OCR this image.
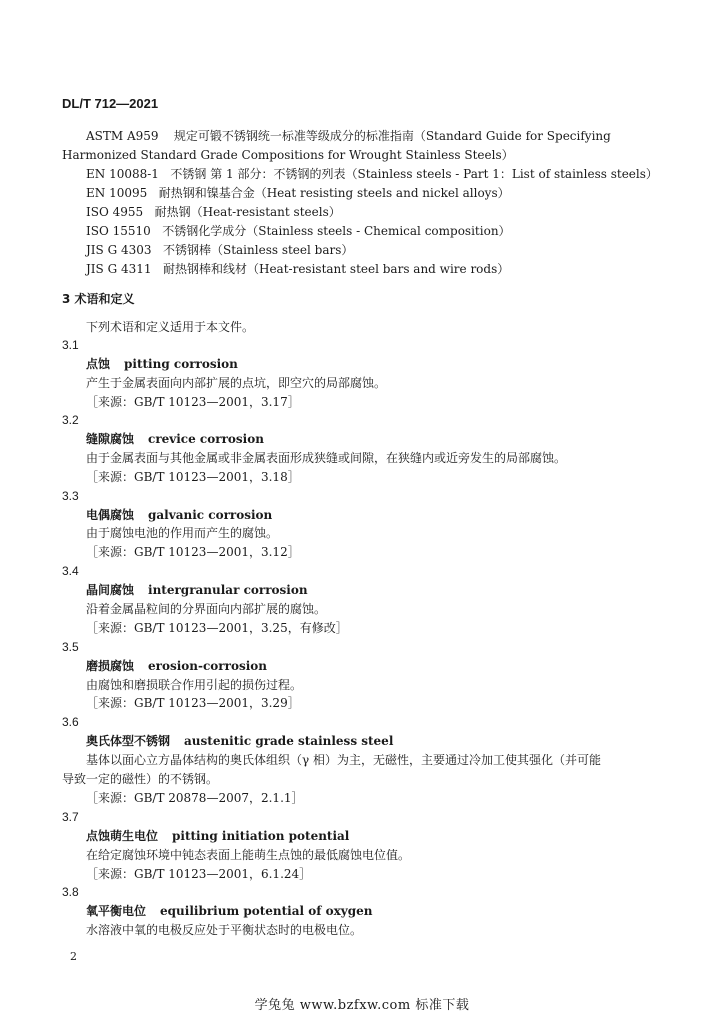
DL/T 712—2021
ASTM A959 规定可锻不锈钢统一标准等级成分的标准指南（Standard Guide for Specifying
Harmonized Standard Grade Compositions for Wrought Stainless Steels）
EN 10088-1 不锈钢 第 1 部分：不锈钢的列表（Stainless steels - Part 1：List of stainless steels）
EN 10095 耐热钢和镍基合金（Heat resisting steels and nickel alloys）
ISO 4955 耐热钢（Heat-resistant steels）
ISO 15510 不锈钢化学成分（Stainless steels - Chemical composition）
JIS G 4303 不锈钢棒（Stainless steel bars）
JIS G 4311 耐热钢棒和线材（Heat-resistant steel bars and wire rods）
3 术语和定义
下列术语和定义适用于本文件。
3.1
点蚀 pitting corrosion
产生于金属表面向内部扩展的点坑，即空穴的局部腐蚀。
［来源：GB/T 10123—2001，3.17］
3.2
缝隙腐蚀 crevice corrosion
由于金属表面与其他金属或非金属表面形成狭缝或间隙，在狭缝内或近旁发生的局部腐蚀。
［来源：GB/T 10123—2001，3.18］
3.3
电偶腐蚀 galvanic corrosion
由于腐蚀电池的作用而产生的腐蚀。
［来源：GB/T 10123—2001，3.12］
3.4
晶间腐蚀 intergranular corrosion
沿着金属晶粒间的分界面向内部扩展的腐蚀。
［来源：GB/T 10123—2001，3.25，有修改］
3.5
磨损腐蚀 erosion-corrosion
由腐蚀和磨损联合作用引起的损伤过程。
［来源：GB/T 10123—2001，3.29］
3.6
奥氏体型不锈钢 austenitic grade stainless steel
基体以面心立方晶体结构的奥氏体组织（γ 相）为主，无磁性，主要通过冷加工使其强化（并可能
导致一定的磁性）的不锈钢。
［来源：GB/T 20878—2007，2.1.1］
3.7
点蚀萌生电位 pitting initiation potential
在给定腐蚀环境中钝态表面上能萌生点蚀的最低腐蚀电位值。
［来源：GB/T 10123—2001，6.1.24］
3.8
氧平衡电位 equilibrium potential of oxygen
水溶液中氧的电极反应处于平衡状态时的电极电位。
2
学兔兔 www.bzfxw.com 标准下载
